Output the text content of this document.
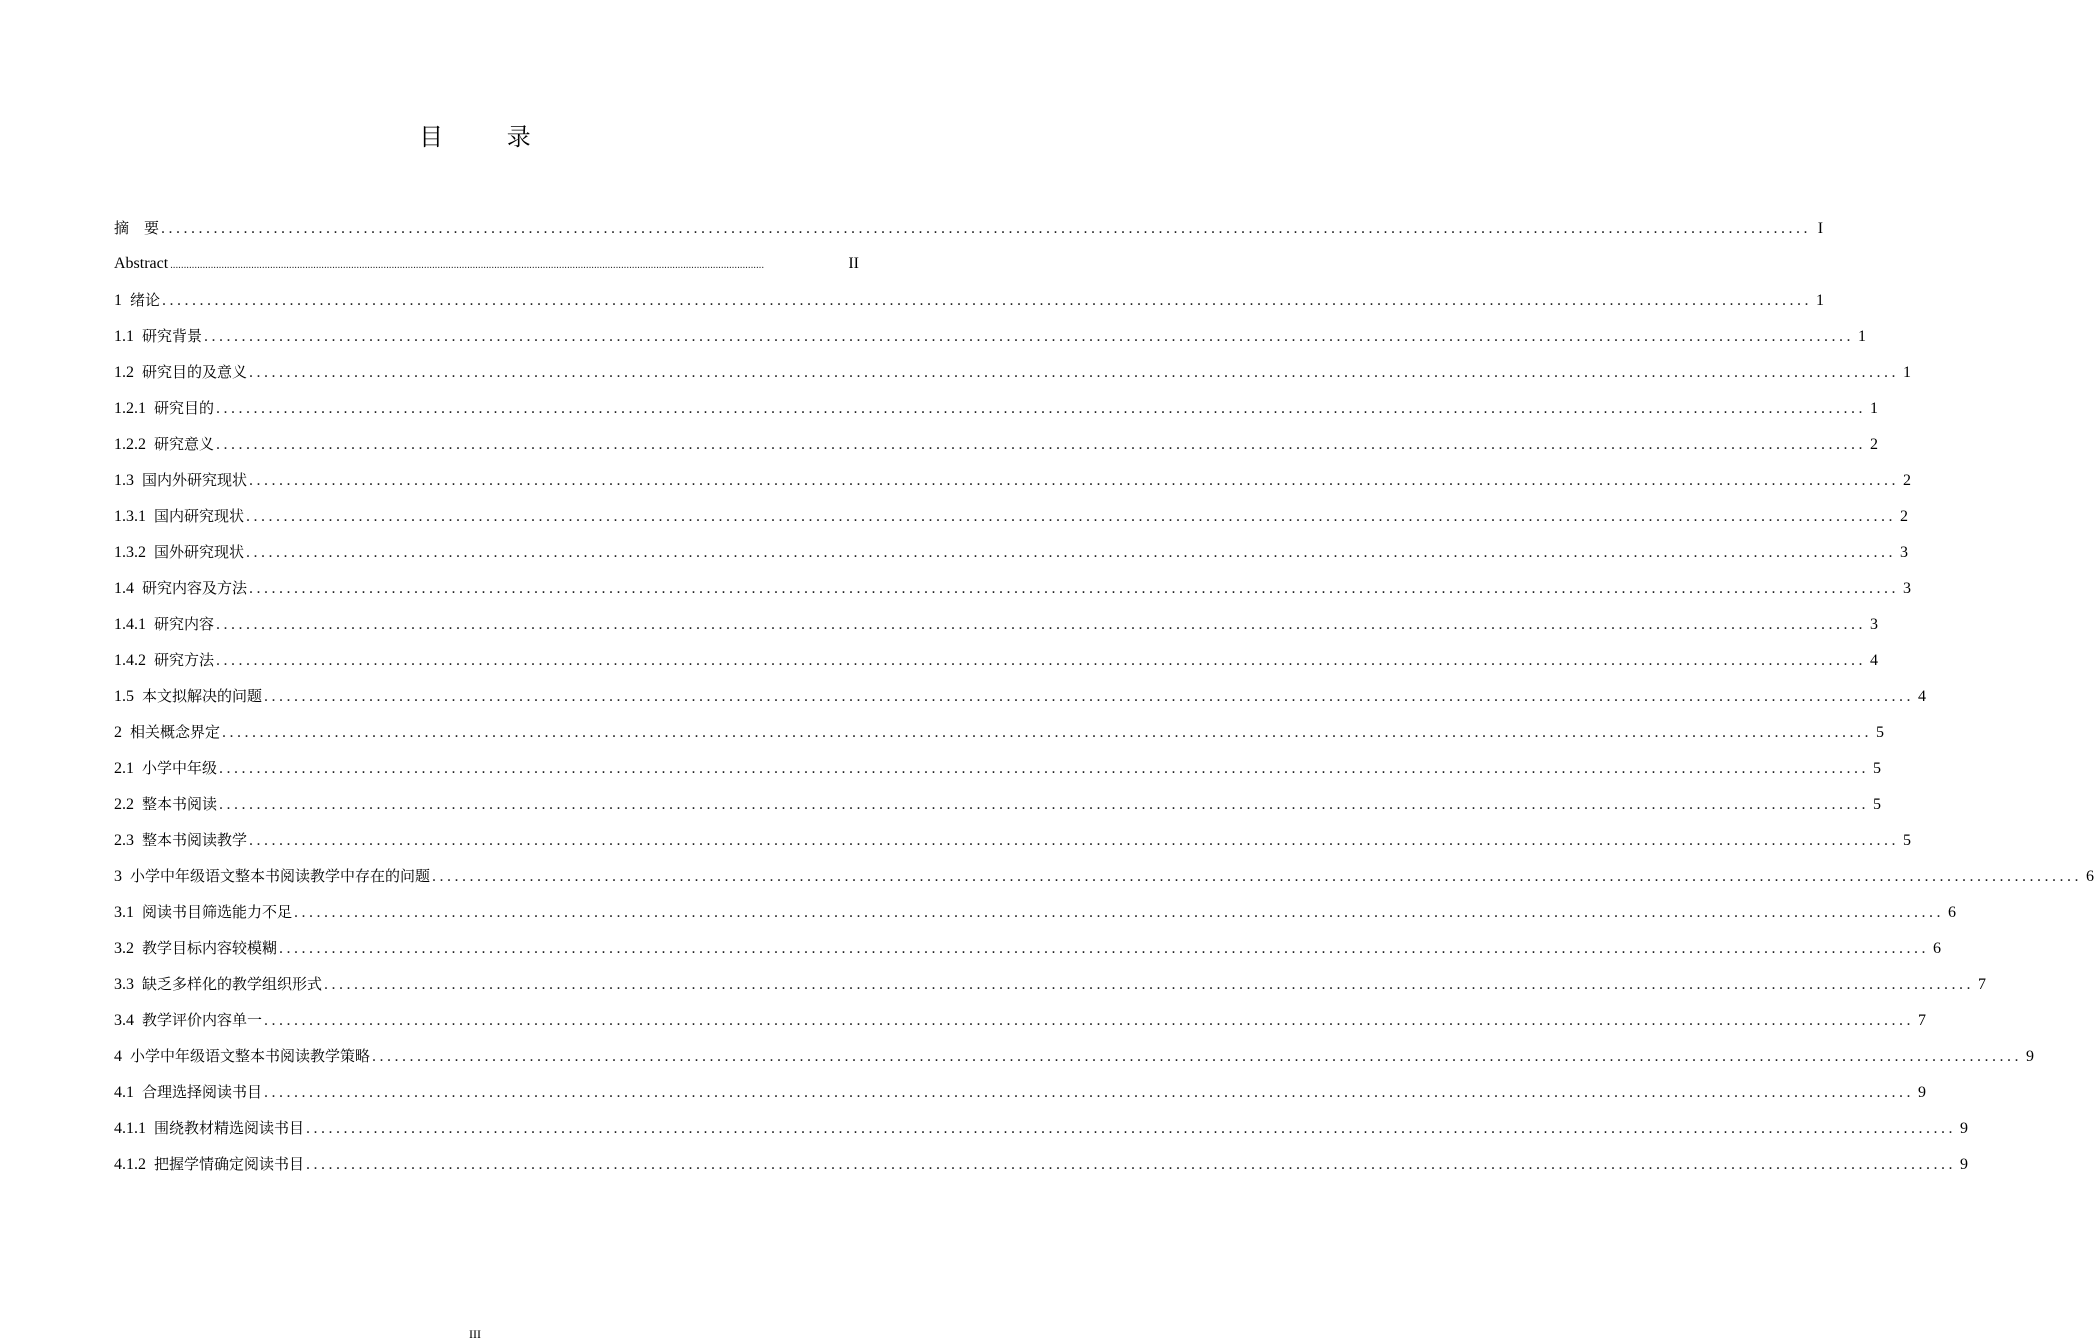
目 录
摘　要 ............................................................................................................................................................................................................................ I
Abstract ............................................................................................................................................................................................................................	II
1 绪论 ............................................................................................................................................................................................................................ 1
1.1 研究背景 ............................................................................................................................................................................................................................ 1
1.2 研究目的及意义 ............................................................................................................................................................................................................................ 1
1.2.1 研究目的 ............................................................................................................................................................................................................................ 1
1.2.2 研究意义 ............................................................................................................................................................................................................................ 2
1.3 国内外研究现状 ............................................................................................................................................................................................................................ 2
1.3.1 国内研究现状 ............................................................................................................................................................................................................................ 2
1.3.2 国外研究现状 ............................................................................................................................................................................................................................ 3
1.4 研究内容及方法 ............................................................................................................................................................................................................................ 3
1.4.1 研究内容 ............................................................................................................................................................................................................................ 3
1.4.2 研究方法 ............................................................................................................................................................................................................................ 4
1.5 本文拟解决的问题 ............................................................................................................................................................................................................................ 4
2 相关概念界定 ............................................................................................................................................................................................................................ 5
2.1 小学中年级 ............................................................................................................................................................................................................................ 5
2.2 整本书阅读 ............................................................................................................................................................................................................................ 5
2.3 整本书阅读教学 ............................................................................................................................................................................................................................ 5
3 小学中年级语文整本书阅读教学中存在的问题 ............................................................................................................................................................................................................................ 6
3.1 阅读书目筛选能力不足 ............................................................................................................................................................................................................................ 6
3.2 教学目标内容较模糊 ............................................................................................................................................................................................................................ 6
3.3 缺乏多样化的教学组织形式 ............................................................................................................................................................................................................................ 7
3.4 教学评价内容单一 ............................................................................................................................................................................................................................ 7
4 小学中年级语文整本书阅读教学策略 ............................................................................................................................................................................................................................ 9
4.1 合理选择阅读书目 ............................................................................................................................................................................................................................ 9
4.1.1 围绕教材精选阅读书目 ............................................................................................................................................................................................................................ 9
4.1.2 把握学情确定阅读书目 ............................................................................................................................................................................................................................ 9
III
